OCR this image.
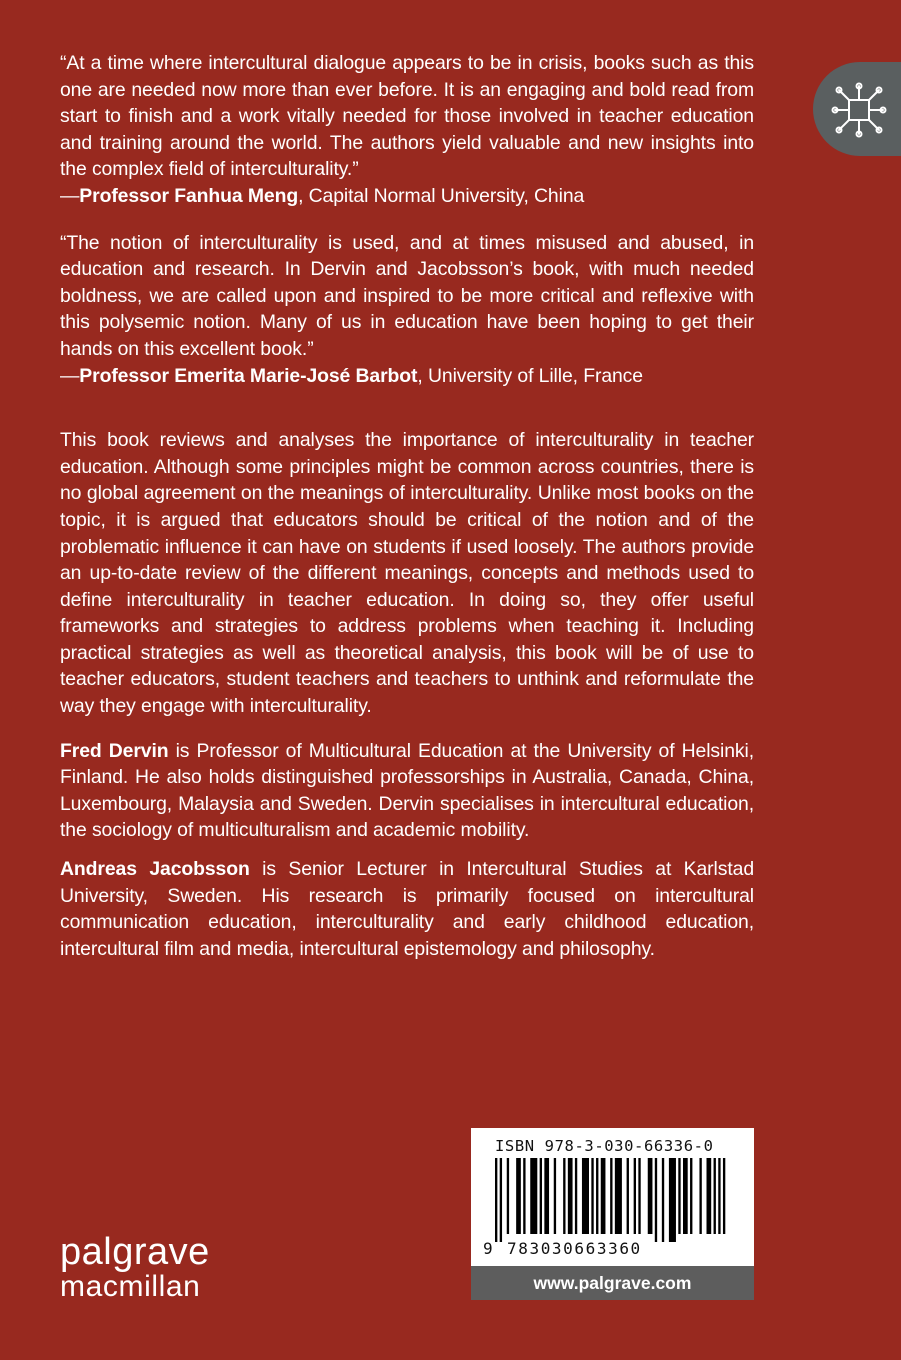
“At a time where intercultural dialogue appears to be in crisis, books such as this one are needed now more than ever before. It is an engaging and bold read from start to finish and a work vitally needed for those involved in teacher education and training around the world. The authors yield valuable and new insights into the complex field of interculturality.”

—Professor Fanhua Meng, Capital Normal University, China

“The notion of interculturality is used, and at times misused and abused, in education and research. In Dervin and Jacobsson’s book, with much needed boldness, we are called upon and inspired to be more critical and reflexive with this polysemic notion. Many of us in education have been hoping to get their hands on this excellent book.”

—Professor Emerita Marie-José Barbot, University of Lille, France

This book reviews and analyses the importance of interculturality in teacher education. Although some principles might be common across countries, there is no global agreement on the meanings of interculturality. Unlike most books on the topic, it is argued that educators should be critical of the notion and of the problematic influence it can have on students if used loosely. The authors provide an up-to-date review of the different meanings, concepts and methods used to define interculturality in teacher education. In doing so, they offer useful frameworks and strategies to address problems when teaching it. Including practical strategies as well as theoretical analysis, this book will be of use to teacher educators, student teachers and teachers to unthink and reformulate the way they engage with interculturality.

Fred Dervin is Professor of Multicultural Education at the University of Helsinki, Finland. He also holds distinguished professorships in Australia, Canada, China, Luxembourg, Malaysia and Sweden. Dervin specialises in intercultural education, the sociology of multiculturalism and academic mobility.

Andreas Jacobsson is Senior Lecturer in Intercultural Studies at Karlstad University, Sweden. His research is primarily focused on intercultural communication education, interculturality and early childhood education, intercultural film and media, intercultural epistemology and philosophy.

ISBN 978-3-030-66336-0
9 783030663360
www.palgrave.com
palgrave
macmillan
